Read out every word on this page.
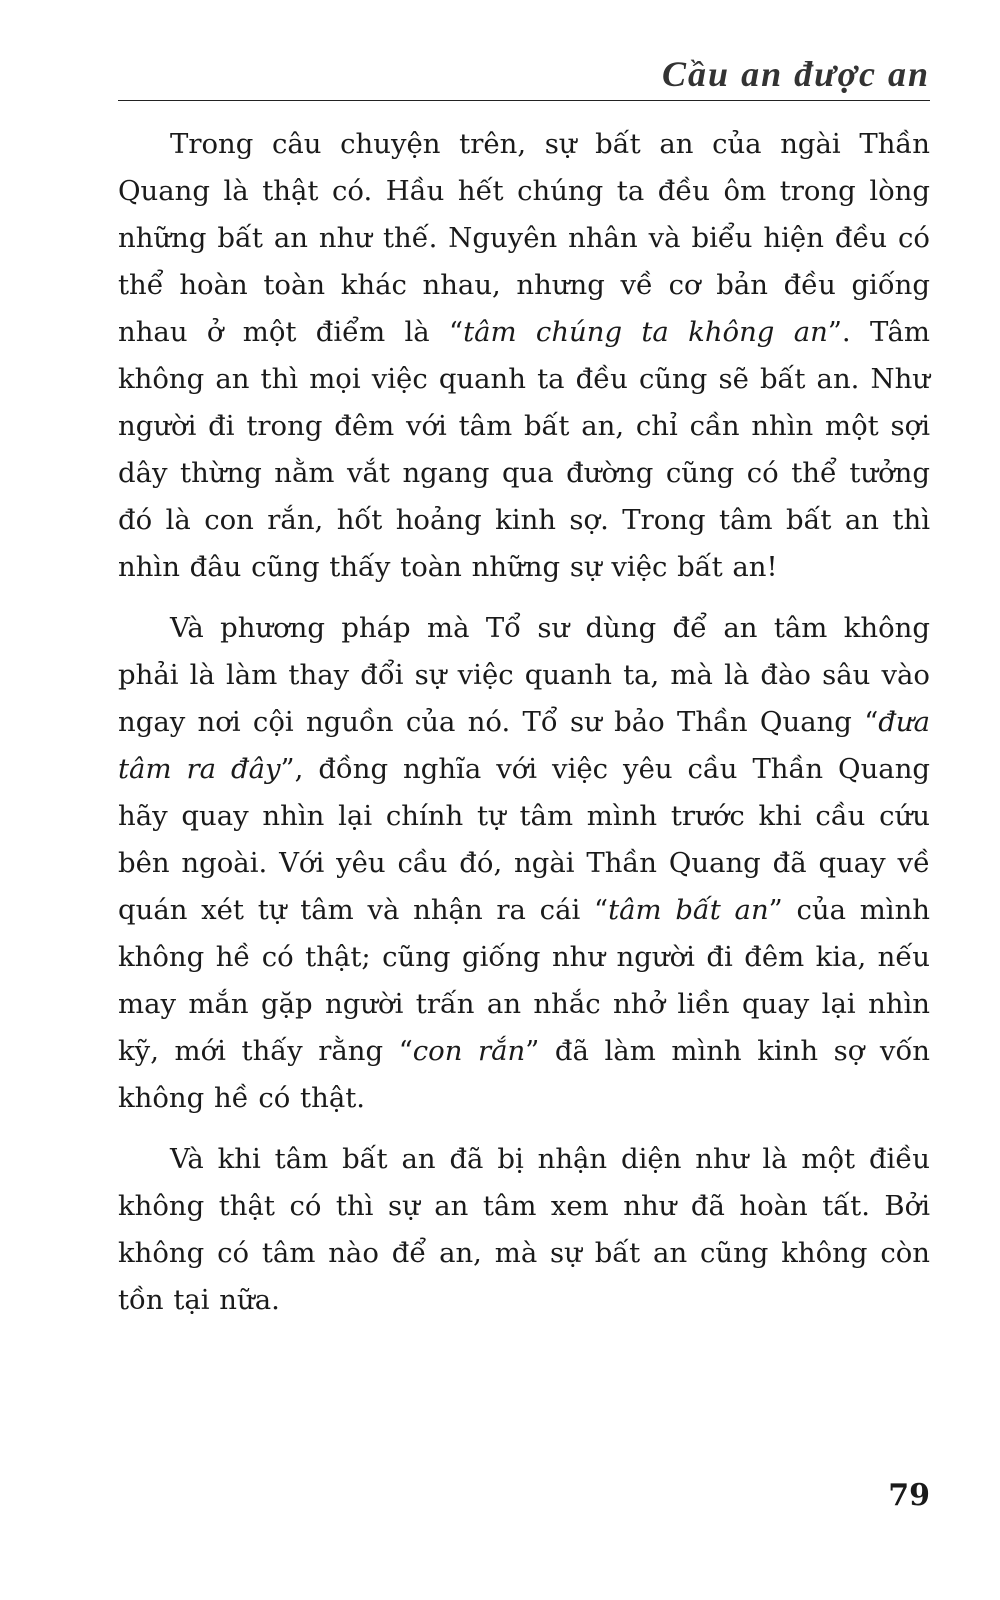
Cầu an được an

Trong câu chuyện trên, sự bất an của ngài Thần Quang là thật có. Hầu hết chúng ta đều ôm trong lòng những bất an như thế. Nguyên nhân và biểu hiện đều có thể hoàn toàn khác nhau, nhưng về cơ bản đều giống nhau ở một điểm là “tâm chúng ta không an”. Tâm không an thì mọi việc quanh ta đều cũng sẽ bất an. Như người đi trong đêm với tâm bất an, chỉ cần nhìn một sợi dây thừng nằm vắt ngang qua đường cũng có thể tưởng đó là con rắn, hốt hoảng kinh sợ. Trong tâm bất an thì nhìn đâu cũng thấy toàn những sự việc bất an!

Và phương pháp mà Tổ sư dùng để an tâm không phải là làm thay đổi sự việc quanh ta, mà là đào sâu vào ngay nơi cội nguồn của nó. Tổ sư bảo Thần Quang “đưa tâm ra đây”, đồng nghĩa với việc yêu cầu Thần Quang hãy quay nhìn lại chính tự tâm mình trước khi cầu cứu bên ngoài. Với yêu cầu đó, ngài Thần Quang đã quay về quán xét tự tâm và nhận ra cái “tâm bất an” của mình không hề có thật; cũng giống như người đi đêm kia, nếu may mắn gặp người trấn an nhắc nhở liền quay lại nhìn kỹ, mới thấy rằng “con rắn” đã làm mình kinh sợ vốn không hề có thật.

Và khi tâm bất an đã bị nhận diện như là một điều không thật có thì sự an tâm xem như đã hoàn tất. Bởi không có tâm nào để an, mà sự bất an cũng không còn tồn tại nữa.

79
